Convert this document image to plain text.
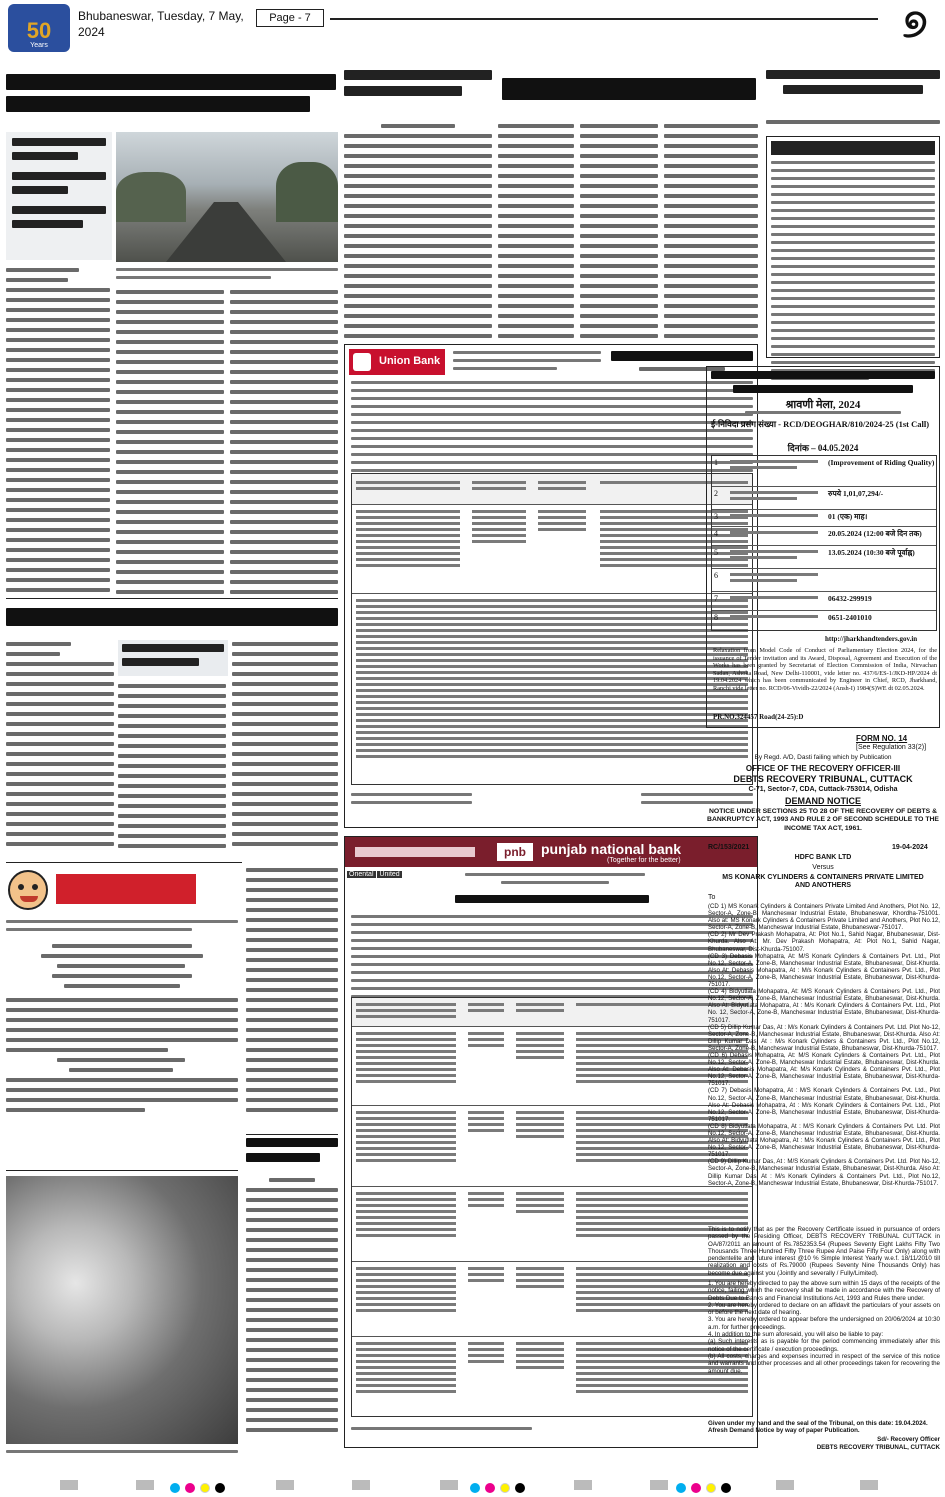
50
Years
Bhubaneswar, Tuesday, 7 May, 2024
Page - 7	୭
Union Bank
pnb	punjab national bank
(Together for the better)
Oriental United
श्रावणी मेला, 2024
ई-निविदा प्रसंग संख्या - RCD/DEOGHAR/810/2024-25 (1st Call)
दिनांक – 04.05.2024
1	(Improvement of Riding Quality)
2	रुपये 1,01,07,294/-
3	01 (एक) माह।
4	20.05.2024 (12:00 बजे दिन तक)
5	13.05.2024 (10:30 बजे पूर्वाह्न)
6
7	06432-299919
8	0651-2401010
http://jharkhandtenders.gov.in
Relaxation from Model Code of Conduct of Parliamentary Election 2024, for the issuance of Tender invitation and its Award, Disposal, Agreement and Execution of the Works has been granted by Secretariat of Election Commission of India, Nirvachan Sadan, Ashoka Road, New Delhi-110001, vide letter no. 437/6/ES-1/JKD-HP/2024 dt 19.04.2024 which has been communicated by Engineer in Chief, RCD, Jharkhand, Ranchi vide letter no. RCD/06-Vividh-22/2024 (Ansh-I) 1984(S)WE dt 02.05.2024.
PR.NO.324457 Road(24-25):D
FORM NO. 14
[See Regulation 33(2)]
By Regd. A/D, Dasti failing which by Publication
OFFICE OF THE RECOVERY OFFICER-III
DEBTS RECOVERY TRIBUNAL, CUTTACK
C-71, Sector-7, CDA, Cuttack-753014, Odisha
DEMAND NOTICE
NOTICE UNDER SECTIONS 25 TO 28 OF THE RECOVERY OF DEBTS & BANKRUPTCY ACT, 1993 AND RULE 2 OF SECOND SCHEDULE TO THE INCOME TAX ACT, 1961.
RC/153/2021	19-04-2024
HDFC BANK LTD
Versus
MS KONARK CYLINDERS & CONTAINERS PRIVATE LIMITED AND ANOTHERS
To
(CD 1) MS Konark Cylinders & Containers Private Limited And Anothers, Plot No. 12, Sector-A, Zone-B, Mancheswar Industrial Estate, Bhubaneswar, Khordha-751001. Also at: MS Konark Cylinders & Containers Private Limited and Anothers, Plot No.12, Sector-A, Zone-B, Mancheswar Industrial Estate, Bhubaneswar-751017.
(CD 2) Mr Dev Prakash Mohapatra, At: Plot No.1, Sahid Nagar, Bhubaneswar, Dist-Khurda. Also At: Mr. Dev Prakash Mohapatra, At: Plot No.1, Sahid Nagar, Bhubaneswar, Dist-Khurda-751007.
(CD 3) Debasis Mohapatra, At: M/S Konark Cylinders & Containers Pvt. Ltd., Plot No.12, Sector-A, Zone-B, Mancheswar Industrial Estate, Bhubaneswar, Dist-Khurda. Also At: Debasis Mohapatra, At : M/s Konark Cylinders & Containers Pvt. Ltd., Plot No.12, Sector-A, Zone-B, Mancheswar Industrial Estate, Bhubaneswar, Dist-Khurda-751017.
(CD 4) Bidyutlata Mohapatra, At: M/S Konark Cylinders & Containers Pvt. Ltd., Plot No.12, Sector-A, Zone-B, Mancheswar Industrial Estate, Bhubaneswar, Dist-Khurda. Also At: Bidyutlata Mohapatra, At : M/s Konark Cylinders & Containers Pvt. Ltd., Plot No. 12, Sector-A, Zone-B, Mancheswar Industrial Estate, Bhubaneswar, Dist-Khurda-751017.
(CD 5) Dillip Kumar Das, At : M/s Konark Cylinders & Containers Pvt. Ltd. Plot No-12, Sector-A, Zone-B, Mancheswar Industrial Estate, Bhubaneswar, Dist-Khurda. Also At: Dillip Kumar Das, At : M/s Konark Cylinders & Containers Pvt. Ltd., Plot No.12, Sector-A, Zone-B, Mancheswar Industrial Estate, Bhubaneswar, Dist-Khurda-751017.
(CD 6) Debasis Mohapatra, At: M/S Konark Cylinders & Containers Pvt. Ltd., Plot No.12, Sector-A, Zone-B, Mancheswar Industrial Estate, Bhubaneswar, Dist-Khurda. Also At: Debasis Mohapatra, At: M/s Konark Cylinders & Containers Pvt. Ltd., Plot No.12, Sector-A, Zone-B, Mancheswar Industrial Estate, Bhubaneswar, Dist-Khurda-751017.
(CD 7) Debasis Mohapatra, At : M/S Konark Cylinders & Containers Pvt. Ltd., Plot No.12, Sector-A, Zone-B, Mancheswar Industrial Estate, Bhubaneswar, Dist-Khurda. Also At: Debasis Mohapatra, At : M/s Konark Cylinders & Containers Pvt. Ltd., Plot No.12, Sector-A, Zone-B, Mancheswar Industrial Estate, Bhubaneswar, Dist-Khurda-751017.
(CD 8) Bidyutlata Mohapatra, At : M/S Konark Cylinders & Containers Pvt. Ltd. Plot No.12, Sector-A, Zone-B, Mancheswar Industrial Estate, Bhubaneswar, Dist-Khurda. Also At: Bidyutlata Mohapatra, At : M/s Konark Cylinders & Containers Pvt. Ltd., Plot No.12, Sector-A, Zone-B, Mancheswar Industrial Estate, Bhubaneswar, Dist-Khurda-751017.
(CD 9) Dillip Kumar Das, At : M/S Konark Cylinders & Containers Pvt. Ltd. Plot No-12, Sector-A, Zone-B, Mancheswar Industrial Estate, Bhubaneswar, Dist-Khurda. Also At: Dillip Kumar Das, At : M/s Konark Cylinders & Containers Pvt. Ltd., Plot No.12, Sector-A, Zone-B, Mancheswar Industrial Estate, Bhubaneswar, Dist-Khurda-751017.
This is to notify that as per the Recovery Certificate issued in pursuance of orders passed by the Presiding Officer, DEBTS RECOVERY TRIBUNAL CUTTACK in OA/87/2011 an amount of Rs.7852353.54 (Rupees Seventy Eight Lakhs Fifty Two Thousands Three Hundred Fifty Three Rupee And Paise Fifty Four Only) along with pendentelite and future interest @10 % Simple Interest Yearly w.e.f. 18/11/2010 till realization and costs of Rs.79000 (Rupees Seventy Nine Thousands Only) has become due against you (Jointly and severally / Fully/Limited).
1. You are hereby directed to pay the above sum within 15 days of the receipts of the notice, failing which the recovery shall be made in accordance with the Recovery of Debts Due to Banks and Financial Institutions Act, 1993 and Rules there under.
2. You are hereby ordered to declare on an affidavit the particulars of your assets on or before the next date of hearing.
3. You are hereby ordered to appear before the undersigned on 20/06/2024 at 10:30 a.m. for further proceedings.
4. In addition to the sum aforesaid, you will also be liable to pay:
(a) Such interests as is payable for the period commencing immediately after this notice of the certificate / execution proceedings.
(b) All costs, charges and expenses incurred in respect of the service of this notice and warrants and other processes and all other proceedings taken for recovering the amount due.
Given under my hand and the seal of the Tribunal, on this date: 19.04.2024. Afresh Demand Notice by way of paper Publication.
Sd/- Recovery Officer
DEBTS RECOVERY TRIBUNAL, CUTTACK
